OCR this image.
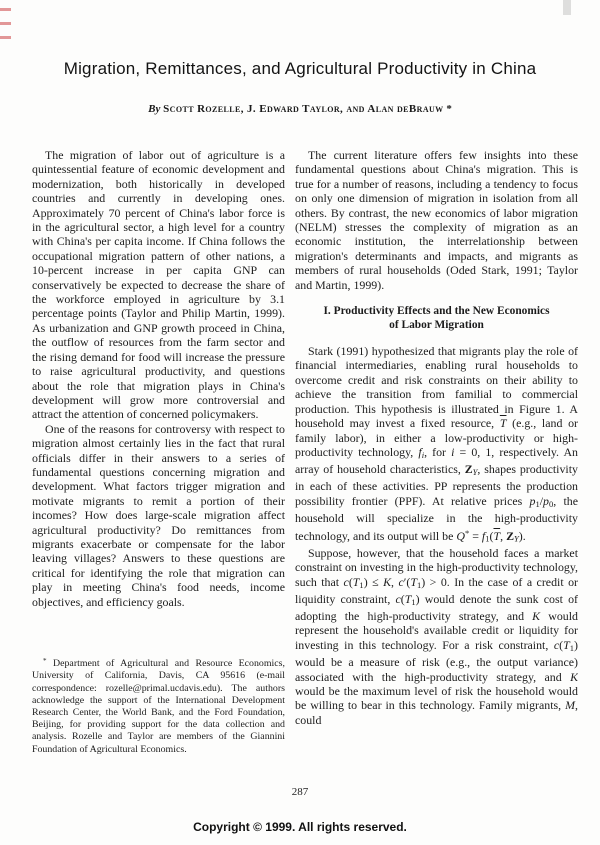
Migration, Remittances, and Agricultural Productivity in China
By Scott Rozelle, J. Edward Taylor, and Alan deBrauw *

The migration of labor out of agriculture is a quintessential feature of economic development and modernization, both historically in developed countries and currently in developing ones. Approximately 70 percent of China's labor force is in the agricultural sector, a high level for a country with China's per capita income. If China follows the occupational migration pattern of other nations, a 10-percent increase in per capita GNP can conservatively be expected to decrease the share of the workforce employed in agriculture by 3.1 percentage points (Taylor and Philip Martin, 1999). As urbanization and GNP growth proceed in China, the outflow of resources from the farm sector and the rising demand for food will increase the pressure to raise agricultural productivity, and questions about the role that migration plays in China's development will grow more controversial and attract the attention of concerned policymakers.

One of the reasons for controversy with respect to migration almost certainly lies in the fact that rural officials differ in their answers to a series of fundamental questions concerning migration and development. What factors trigger migration and motivate migrants to remit a portion of their incomes? How does large-scale migration affect agricultural productivity? Do remittances from migrants exacerbate or compensate for the labor leaving villages? Answers to these questions are critical for identifying the role that migration can play in meeting China's food needs, income objectives, and efficiency goals.

* Department of Agricultural and Resource Economics, University of California, Davis, CA 95616 (e-mail correspondence: rozelle@primal.ucdavis.edu). The authors acknowledge the support of the International Development Research Center, the World Bank, and the Ford Foundation, Beijing, for providing support for the data collection and analysis. Rozelle and Taylor are members of the Giannini Foundation of Agricultural Economics.

The current literature offers few insights into these fundamental questions about China's migration. This is true for a number of reasons, including a tendency to focus on only one dimension of migration in isolation from all others. By contrast, the new economics of labor migration (NELM) stresses the complexity of migration as an economic institution, the interrelationship between migration's determinants and impacts, and migrants as members of rural households (Oded Stark, 1991; Taylor and Martin, 1999).

I. Productivity Effects and the New Economics
of Labor Migration

Stark (1991) hypothesized that migrants play the role of financial intermediaries, enabling rural households to overcome credit and risk constraints on their ability to achieve the transition from familial to commercial production. This hypothesis is illustrated in Figure 1. A household may invest a fixed resource, $\overline{T}$ (e.g., land or family labor), in either a low-productivity or high-productivity technology, fi, for i = 0, 1, respectively. An array of household characteristics, ZY, shapes productivity in each of these activities. PP represents the production possibility frontier (PPF). At relative prices p1/p0, the household will specialize in the high-productivity technology, and its output will be $Q^* = f1(\overline{T}$, ZY).

Suppose, however, that the household faces a market constraint on investing in the high-productivity technology, such that c(T1) ≤ K, c′(T1) > 0. In the case of a credit or liquidity constraint, c(T1) would denote the sunk cost of adopting the high-productivity strategy, and K would represent the household's available credit or liquidity for investing in this technology. For a risk constraint, c(T1) would be a measure of risk (e.g., the output variance) associated with the high-productivity strategy, and K would be the maximum level of risk the household would be willing to bear in this technology. Family migrants, M, could

287
Copyright © 1999. All rights reserved.
